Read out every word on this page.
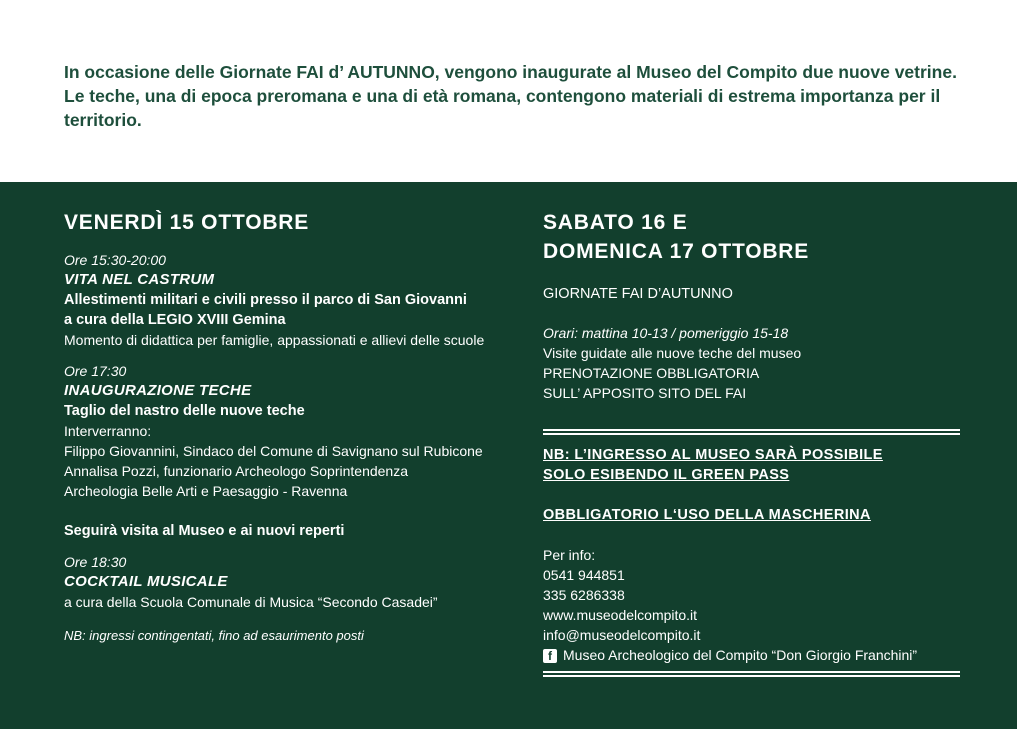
In occasione delle Giornate FAI d’ AUTUNNO, vengono inaugurate al Museo del Compito due nuove vetrine.

Le teche, una di epoca preromana e una di età romana, contengono materiali di estrema importanza per il territorio.

VENERDÌ 15 OTTOBRE
Ore 15:30-20:00
VITA NEL CASTRUM
Allestimenti militari e civili presso il parco di San Giovanni
a cura della LEGIO XVIII Gemina
Momento di didattica per famiglie, appassionati e allievi delle scuole
Ore 17:30
INAUGURAZIONE TECHE
Taglio del nastro delle nuove teche
Interverranno:
Filippo Giovannini, Sindaco del Comune di Savignano sul Rubicone
Annalisa Pozzi, funzionario Archeologo Soprintendenza
Archeologia Belle Arti e Paesaggio - Ravenna
Seguirà visita al Museo e ai nuovi reperti
Ore 18:30
COCKTAIL MUSICALE
a cura della Scuola Comunale di Musica “Secondo Casadei”
NB: ingressi contingentati, fino ad esaurimento posti
SABATO 16 E
DOMENICA 17 OTTOBRE
GIORNATE FAI D’AUTUNNO
Orari: mattina 10-13 / pomeriggio 15-18
Visite guidate alle nuove teche del museo
PRENOTAZIONE OBBLIGATORIA
SULL’ APPOSITO SITO DEL FAI
NB: L’INGRESSO AL MUSEO SARÀ POSSIBILE
SOLO ESIBENDO IL GREEN PASS
OBBLIGATORIO L‘USO DELLA MASCHERINA
Per info:
0541 944851
335 6286338
www.museodelcompito.it
info@museodelcompito.it
f Museo Archeologico del Compito “Don Giorgio Franchini”
